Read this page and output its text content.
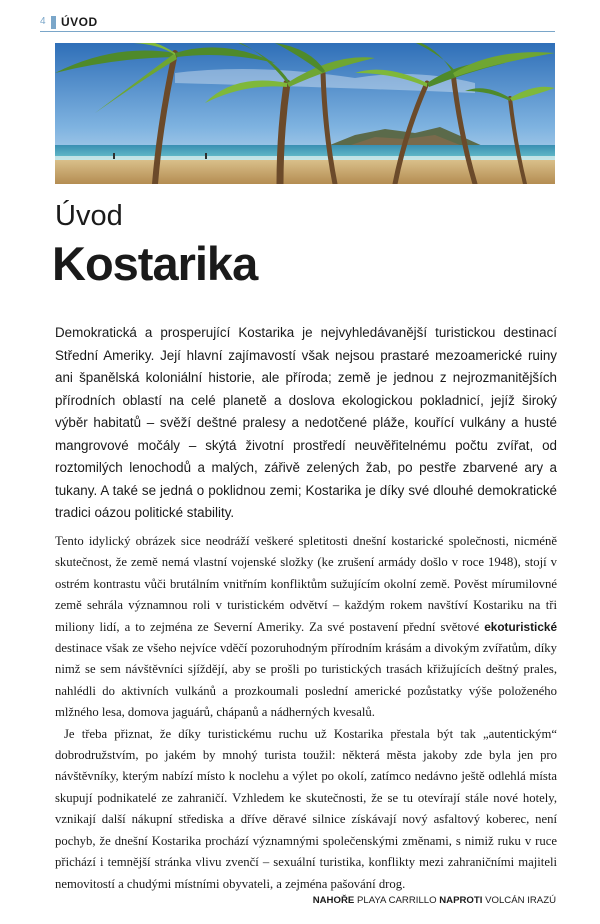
4 ÚVOD
Úvod
Kostarika

Demokratická a prosperující Kostarika je nejvyhledávanější turistickou destinací Střední Ameriky. Její hlavní zajímavostí však nejsou prastaré mezoamerické ruiny ani španělská koloniální historie, ale příroda; země je jednou z nejrozmanitějších přírodních oblastí na celé planetě a doslova ekologickou pokladnicí, jejíž široký výběr habitatů – svěží deštné pralesy a nedotčené pláže, kouřící vulkány a husté mangrovové močály – skýtá životní prostředí neuvěřitelnému počtu zvířat, od roztomilých lenochodů a malých, zářivě zelených žab, po pestře zbarvené ary a tukany. A také se jedná o poklidnou zemi; Kostarika je díky své dlouhé demokratické tradici oázou politické stability.

Tento idylický obrázek sice neodráží veškeré spletitosti dnešní kostarické společnosti, nicméně skutečnost, že země nemá vlastní vojenské složky (ke zrušení armády došlo v roce 1948), stojí v ostrém kontrastu vůči brutálním vnitřním konfliktům sužujícím okolní země. Pověst mírumilovné země sehrála významnou roli v turistickém odvětví – každým rokem navštíví Kostariku na tři miliony lidí, a to zejména ze Severní Ameriky. Za své postavení přední světové ekoturistické destinace však ze všeho nejvíce vděčí pozoruhodným přírodním krásám a divokým zvířatům, díky nimž se sem návštěvníci sjíždějí, aby se prošli po turistických trasách křižujících deštný prales, nahlédli do aktivních vulkánů a prozkoumali poslední americké pozůstatky výše položeného mlžného lesa, domova jaguárů, chápanů a nádherných kvesalů.

Je třeba přiznat, že díky turistickému ruchu už Kostarika přestala být tak „autentickým“ dobrodružstvím, po jakém by mnohý turista toužil: některá města jakoby zde byla jen pro návštěvníky, kterým nabízí místo k noclehu a výlet po okolí, zatímco nedávno ještě odlehlá místa skupují podnikatelé ze zahraničí. Vzhledem ke skutečnosti, že se tu otevírají stále nové hotely, vznikají další nákupní střediska a dříve děravé silnice získávají nový asfaltový koberec, není pochyb, že dnešní Kostarika prochází významnými společenskými změnami, s nimiž ruku v ruce přichází i temnější stránka vlivu zvenčí – sexuální turistika, konflikty mezi zahraničními majiteli nemovitostí a chudými místními obyvateli, a zejména pašování drog.

NAHOŘE PLAYA CARRILLO NAPROTI VOLCÁN IRAZÚ
